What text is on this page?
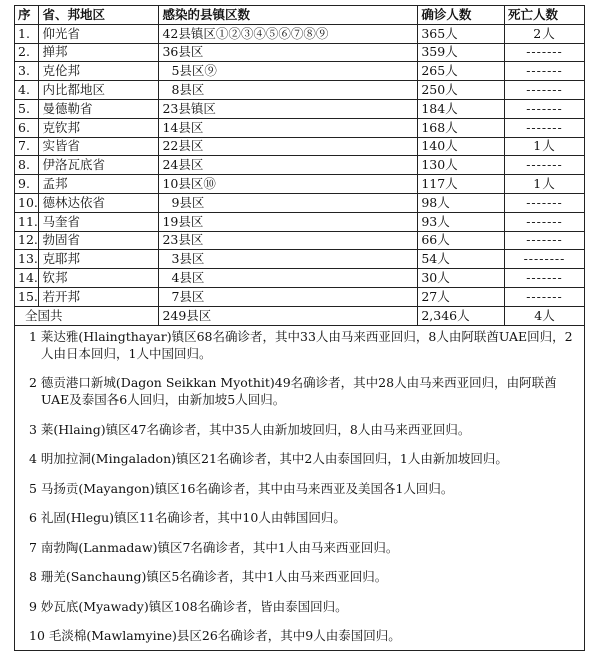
序	省、邦地区	感染的县镇区数	确诊人数	死亡人数
1.	仰光省	42县镇区①②③④⑤⑥⑦⑧⑨	365人	2人
2.	掸邦	36县区	359人	-------
3.	克伦邦	5县区⑨	265人	-------
4.	内比都地区	8县区	250人	-------
5.	曼德勒省	23县镇区	184人	-------
6.	克钦邦	14县区	168人	-------
7.	实皆省	22县区	140人	1人
8.	伊洛瓦底省	24县区	130人	-------
9.	孟邦	10县区⑩	117人	1人
10.	德林达依省	9县区	98人	-------
11.	马奎省	19县区	93人	-------
12.	勃固省	23县区	66人	-------
13.	克耶邦	3县区	54人	--------
14.	钦邦	4县区	30人	-------
15.	若开邦	7县区	27人	-------
全国共		249县区	2,346人	4人

1 莱达雅(Hlaingthayar)镇区68名确诊者，其中33人由马来西亚回归，8人由阿联酋UAE回归，2人由日本回归，1人中国回归。

2 德贡港口新城(Dagon Seikkan Myothit)49名确诊者，其中28人由马来西亚回归，由阿联酋UAE及泰国各6人回归，由新加坡5人回归。

3 莱(Hlaing)镇区47名确诊者，其中35人由新加坡回归，8人由马来西亚回归。

4 明加拉洞(Mingaladon)镇区21名确诊者，其中2人由泰国回归，1人由新加坡回归。

5 马扬贡(Mayangon)镇区16名确诊者，其中由马来西亚及美国各1人回归。

6 礼固(Hlegu)镇区11名确诊者，其中10人由韩国回归。

7 南勃陶(Lanmadaw)镇区7名确诊者，其中1人由马来西亚回归。

8 珊羌(Sanchaung)镇区5名确诊者，其中1人由马来西亚回归。

9 妙瓦底(Myawady)镇区108名确诊者，皆由泰国回归。

10 毛淡棉(Mawlamyine)县区26名确诊者，其中9人由泰国回归。
